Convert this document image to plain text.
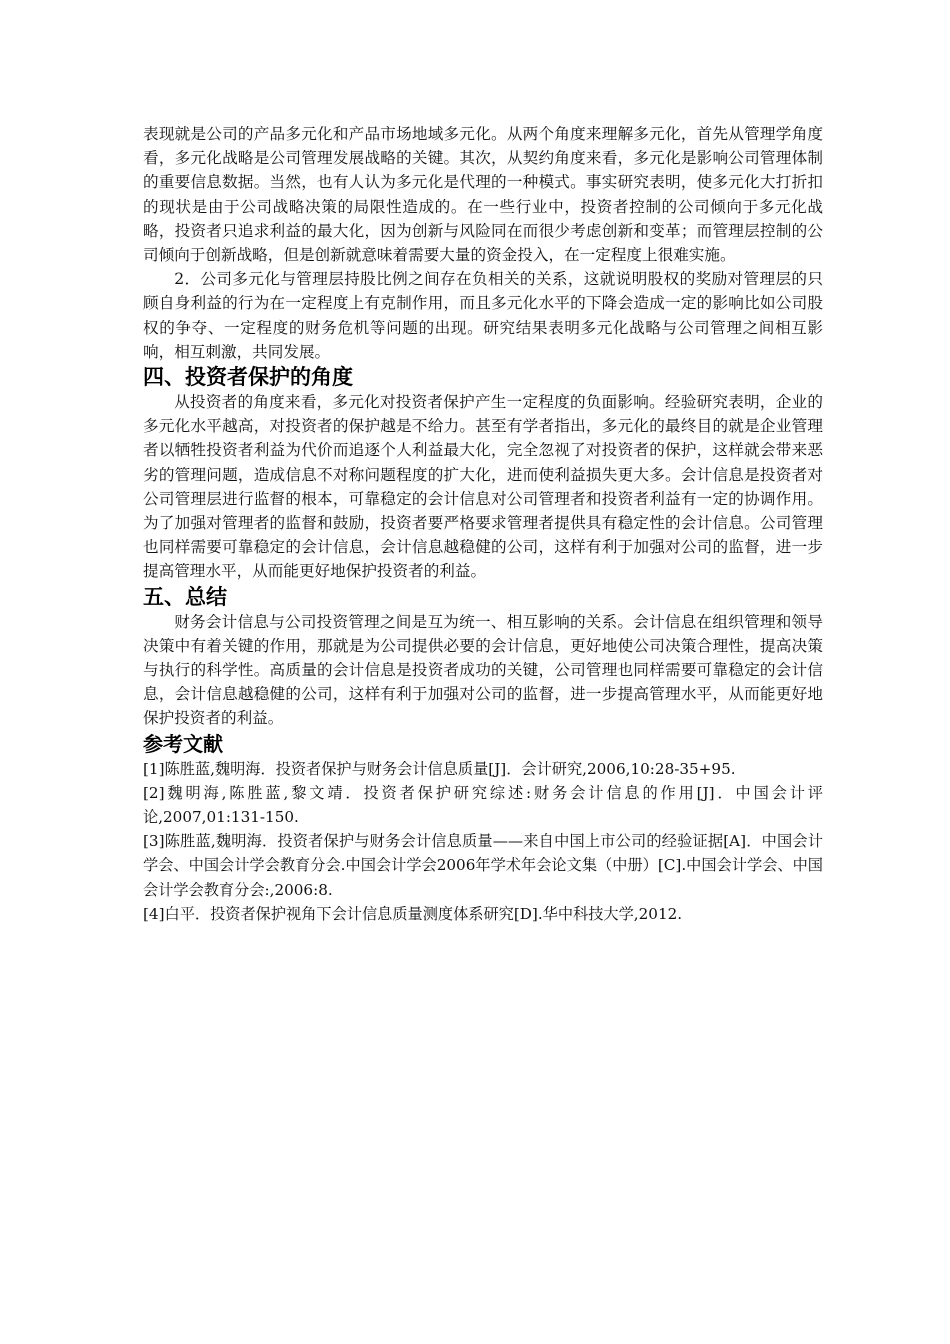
表现就是公司的产品多元化和产品市场地域多元化。从两个角度来理解多元化，首先从管理学角度看，多元化战略是公司管理发展战略的关键。其次，从契约角度来看，多元化是影响公司管理体制的重要信息数据。当然，也有人认为多元化是代理的一种模式。事实研究表明，使多元化大打折扣的现状是由于公司战略决策的局限性造成的。在一些行业中，投资者控制的公司倾向于多元化战略，投资者只追求利益的最大化，因为创新与风险同在而很少考虑创新和变革；而管理层控制的公司倾向于创新战略，但是创新就意味着需要大量的资金投入，在一定程度上很难实施。

2．公司多元化与管理层持股比例之间存在负相关的关系，这就说明股权的奖励对管理层的只顾自身利益的行为在一定程度上有克制作用，而且多元化水平的下降会造成一定的影响比如公司股权的争夺、一定程度的财务危机等问题的出现。研究结果表明多元化战略与公司管理之间相互影响，相互刺激，共同发展。

四、投资者保护的角度

从投资者的角度来看，多元化对投资者保护产生一定程度的负面影响。经验研究表明，企业的多元化水平越高，对投资者的保护越是不给力。甚至有学者指出，多元化的最终目的就是企业管理者以牺牲投资者利益为代价而追逐个人利益最大化，完全忽视了对投资者的保护，这样就会带来恶劣的管理问题，造成信息不对称问题程度的扩大化，进而使利益损失更大多。会计信息是投资者对公司管理层进行监督的根本，可靠稳定的会计信息对公司管理者和投资者利益有一定的协调作用。为了加强对管理者的监督和鼓励，投资者要严格要求管理者提供具有稳定性的会计信息。公司管理也同样需要可靠稳定的会计信息，会计信息越稳健的公司，这样有利于加强对公司的监督，进一步提高管理水平，从而能更好地保护投资者的利益。

五、总结

财务会计信息与公司投资管理之间是互为统一、相互影响的关系。会计信息在组织管理和领导决策中有着关键的作用，那就是为公司提供必要的会计信息，更好地使公司决策合理性，提高决策与执行的科学性。高质量的会计信息是投资者成功的关键，公司管理也同样需要可靠稳定的会计信息，会计信息越稳健的公司，这样有利于加强对公司的监督，进一步提高管理水平，从而能更好地保护投资者的利益。

参考文献

[1]陈胜蓝,魏明海．投资者保护与财务会计信息质量[J]．会计研究,2006,10:28-35+95.

[2]魏明海,陈胜蓝,黎文靖．投资者保护研究综述:财务会计信息的作用[J]．中国会计评论,2007,01:131-150.

[3]陈胜蓝,魏明海．投资者保护与财务会计信息质量——来自中国上市公司的经验证据[A]．中国会计学会、中国会计学会教育分会.中国会计学会2006年学术年会论文集（中册）[C].中国会计学会、中国会计学会教育分会:,2006:8.

[4]白平．投资者保护视角下会计信息质量测度体系研究[D].华中科技大学,2012.
